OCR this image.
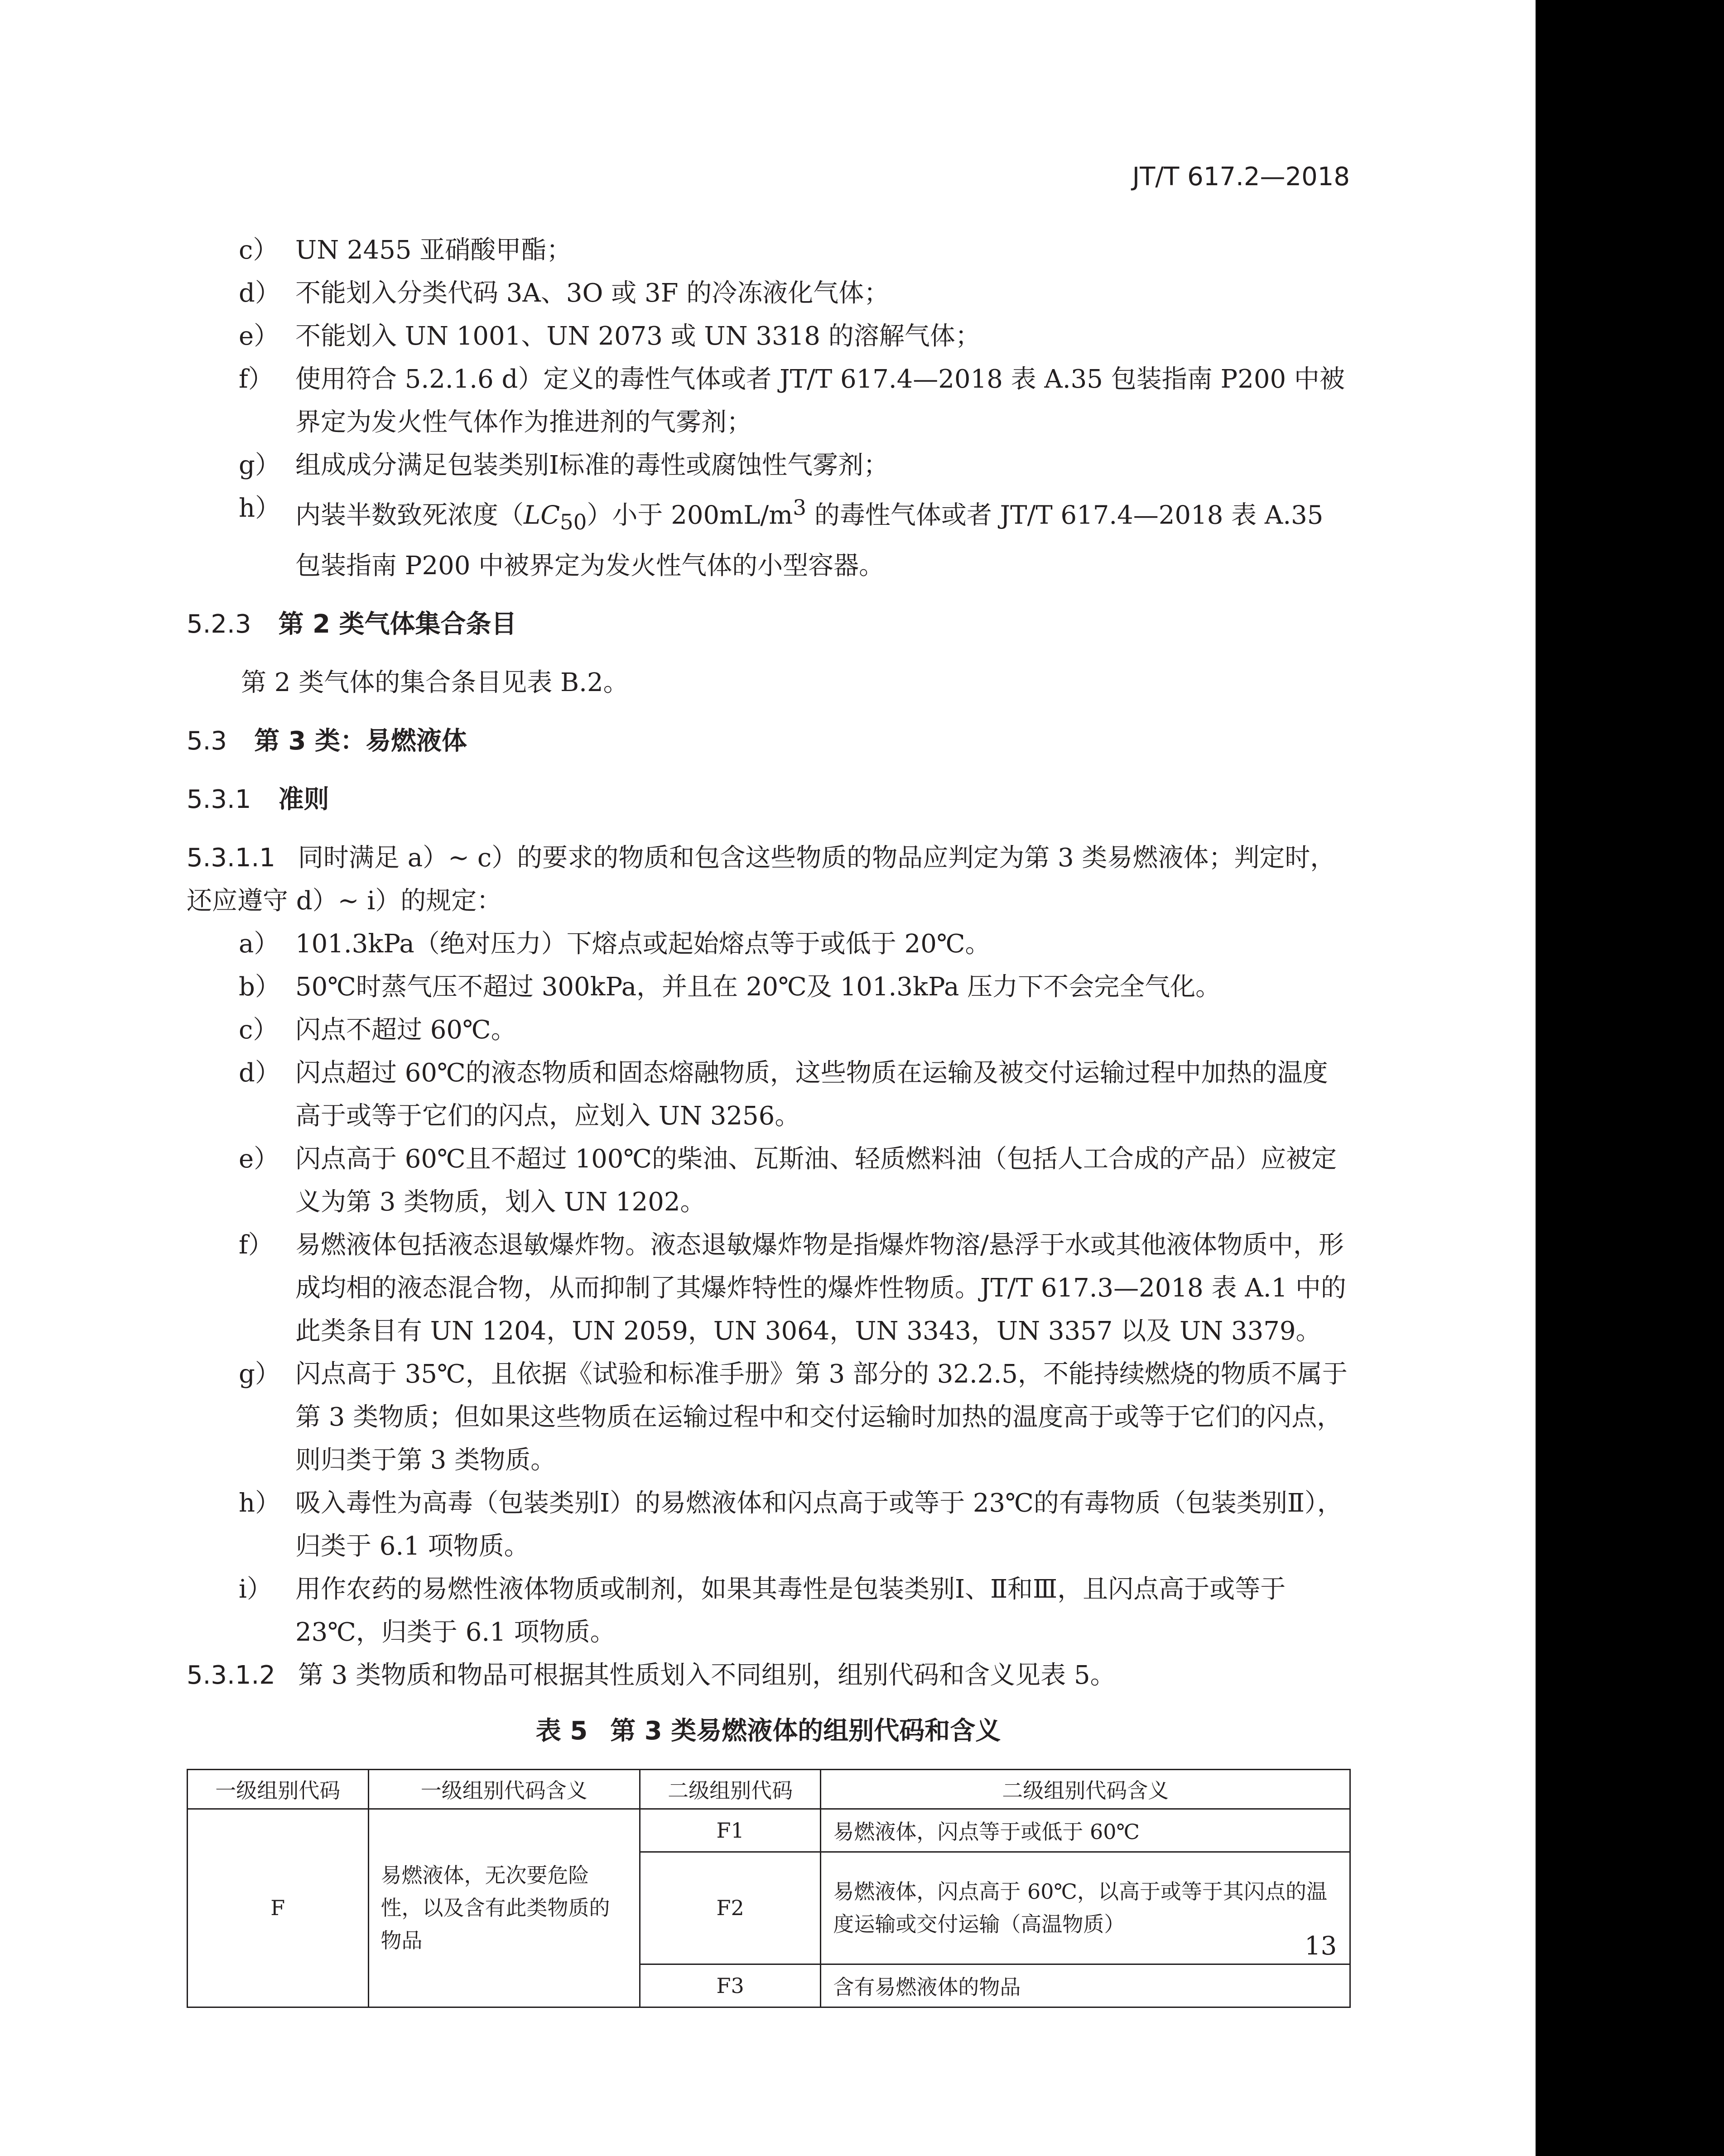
JT/T 617.2—2018
c） UN 2455 亚硝酸甲酯；
d） 不能划入分类代码 3A、3O 或 3F 的冷冻液化气体；
e） 不能划入 UN 1001、UN 2073 或 UN 3318 的溶解气体；
f） 使用符合 5.2.1.6 d）定义的毒性气体或者 JT/T 617.4—2018 表 A.35 包装指南 P200 中被界定为发火性气体作为推进剂的气雾剂；
g） 组成成分满足包装类别Ⅰ标准的毒性或腐蚀性气雾剂；
h） 内装半数致死浓度$(LC_{50})$小于 $200mL/m^3$ 的毒性气体或者 JT/T 617.4—2018 表 A.35 包装指南 P200 中被界定为发火性气体的小型容器。
5.2.3 第 2 类气体集合条目
第 2 类气体的集合条目见表 B.2。
5.3 第 3 类：易燃液体
5.3.1 准则
5.3.1.1 同时满足 a）~ c）的要求的物质和包含这些物质的物品应判定为第 3 类易燃液体；判定时，还应遵守 d）~ i）的规定：
a） 101.3kPa（绝对压力）下熔点或起始熔点等于或低于 20℃。
b） 50℃时蒸气压不超过 300kPa，并且在 20℃及 101.3kPa 压力下不会完全气化。
c） 闪点不超过 60℃。
d） 闪点超过 60℃的液态物质和固态熔融物质，这些物质在运输及被交付运输过程中加热的温度高于或等于它们的闪点，应划入 UN 3256。
e） 闪点高于 60℃且不超过 100℃的柴油、瓦斯油、轻质燃料油（包括人工合成的产品）应被定义为第 3 类物质，划入 UN 1202。
f） 易燃液体包括液态退敏爆炸物。液态退敏爆炸物是指爆炸物溶/悬浮于水或其他液体物质中，形成均相的液态混合物，从而抑制了其爆炸特性的爆炸性物质。JT/T 617.3—2018 表 A.1 中的此类条目有 UN 1204，UN 2059，UN 3064，UN 3343，UN 3357 以及 UN 3379。
g） 闪点高于 35℃，且依据《试验和标准手册》第 3 部分的 32.2.5，不能持续燃烧的物质不属于第 3 类物质；但如果这些物质在运输过程中和交付运输时加热的温度高于或等于它们的闪点，则归类于第 3 类物质。
h） 吸入毒性为高毒（包装类别Ⅰ）的易燃液体和闪点高于或等于 23℃的有毒物质（包装类别Ⅱ），归类于 6.1 项物质。
i） 用作农药的易燃性液体物质或制剂，如果其毒性是包装类别Ⅰ、Ⅱ和Ⅲ，且闪点高于或等于 23℃，归类于 6.1 项物质。
5.3.1.2 第 3 类物质和物品可根据其性质划入不同组别，组别代码和含义见表 5。
表 5 第 3 类易燃液体的组别代码和含义
一级组别代码	一级组别代码含义	二级组别代码	二级组别代码含义
F	易燃液体，无次要危险性，以及含有此类物质的物品	F1	易燃液体，闪点等于或低于 60℃
		F2	易燃液体，闪点高于 60℃，以高于或等于其闪点的温度运输或交付运输（高温物质）
		F3	含有易燃液体的物品
13
